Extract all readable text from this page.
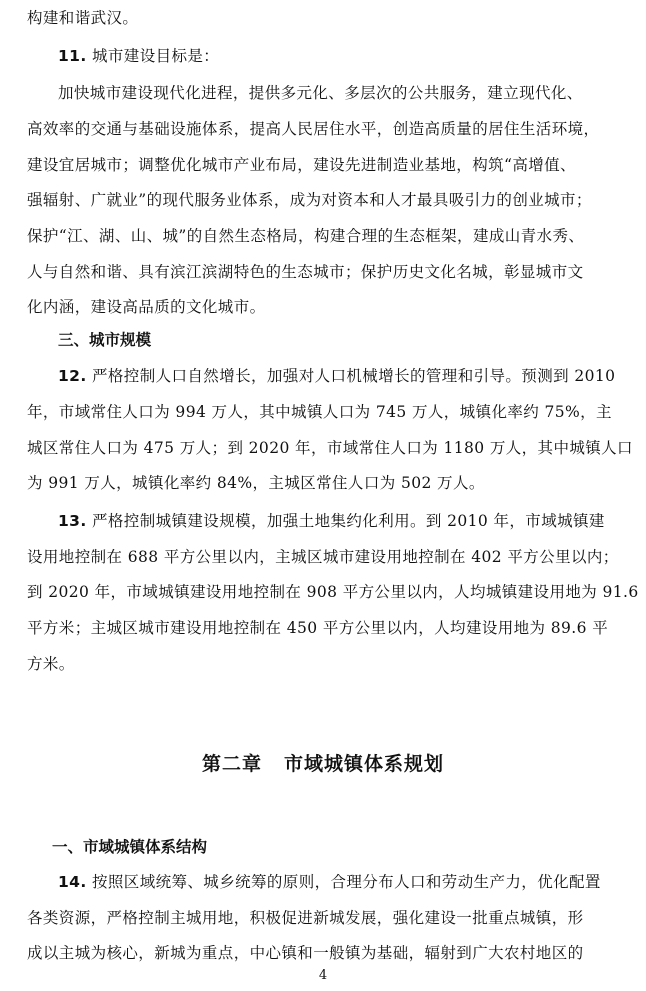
构建和谐武汉。
11. 城市建设目标是：
加快城市建设现代化进程，提供多元化、多层次的公共服务，建立现代化、
高效率的交通与基础设施体系，提高人民居住水平，创造高质量的居住生活环境，
建设宜居城市；调整优化城市产业布局，建设先进制造业基地，构筑“高增值、
强辐射、广就业”的现代服务业体系，成为对资本和人才最具吸引力的创业城市；
保护“江、湖、山、城”的自然生态格局，构建合理的生态框架，建成山青水秀、
人与自然和谐、具有滨江滨湖特色的生态城市；保护历史文化名城，彰显城市文
化内涵，建设高品质的文化城市。
三、城市规模
12. 严格控制人口自然增长，加强对人口机械增长的管理和引导。预测到 2010
年，市域常住人口为 994 万人，其中城镇人口为 745 万人，城镇化率约 75%，主
城区常住人口为 475 万人；到 2020 年，市域常住人口为 1180 万人，其中城镇人口
为 991 万人，城镇化率约 84%，主城区常住人口为 502 万人。
13. 严格控制城镇建设规模，加强土地集约化利用。到 2010 年，市域城镇建
设用地控制在 688 平方公里以内，主城区城市建设用地控制在 402 平方公里以内；
到 2020 年，市域城镇建设用地控制在 908 平方公里以内，人均城镇建设用地为 91.6
平方米；主城区城市建设用地控制在 450 平方公里以内，人均建设用地为 89.6 平
方米。
第二章 市域城镇体系规划
一、市域城镇体系结构
14. 按照区域统筹、城乡统筹的原则，合理分布人口和劳动生产力，优化配置
各类资源，严格控制主城用地，积极促进新城发展，强化建设一批重点城镇，形
成以主城为核心，新城为重点，中心镇和一般镇为基础，辐射到广大农村地区的
4
